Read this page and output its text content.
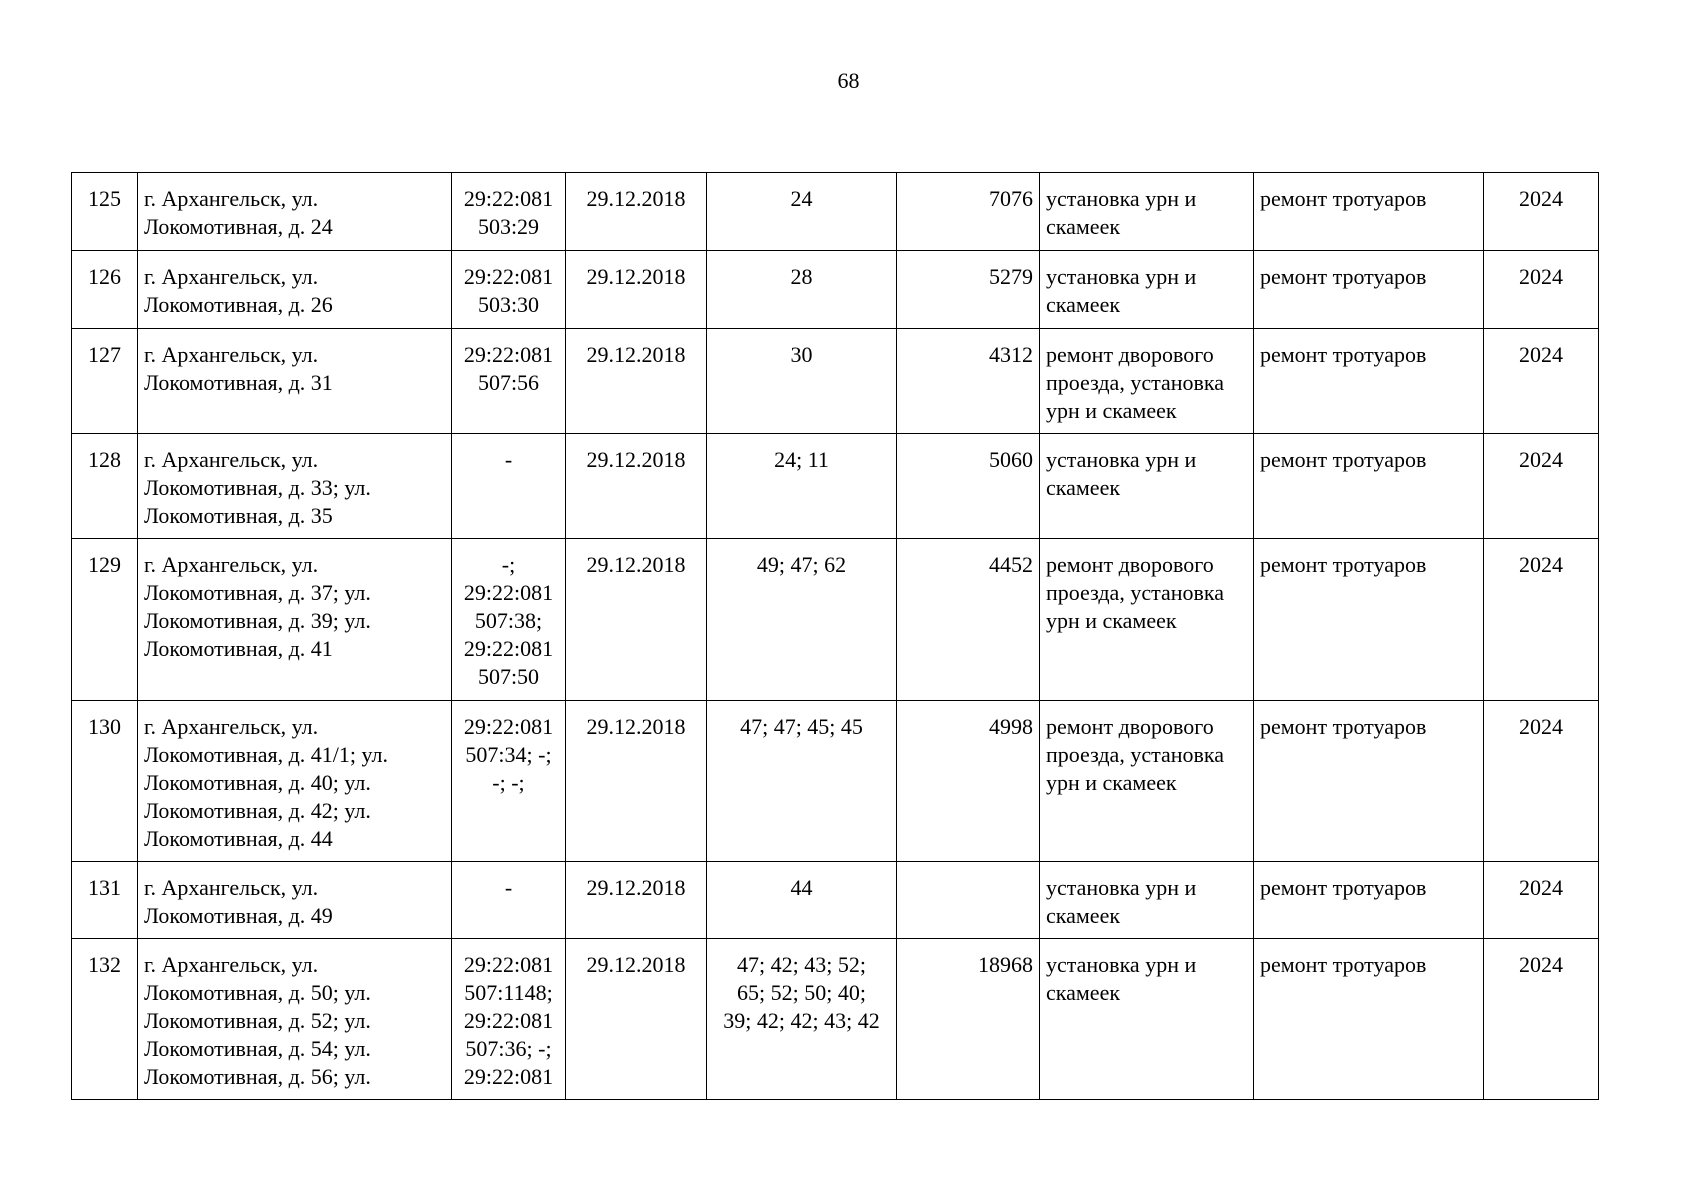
68
125	г. Архангельск, ул.
Локомотивная, д. 24	29:22:081
503:29	29.12.2018	24	7076	установка урн и
скамеек	ремонт тротуаров	2024
126	г. Архангельск, ул.
Локомотивная, д. 26	29:22:081
503:30	29.12.2018	28	5279	установка урн и
скамеек	ремонт тротуаров	2024
127	г. Архангельск, ул.
Локомотивная, д. 31	29:22:081
507:56	29.12.2018	30	4312	ремонт дворового
проезда, установка
урн и скамеек	ремонт тротуаров	2024
128	г. Архангельск, ул.
Локомотивная, д. 33; ул.
Локомотивная, д. 35	-	29.12.2018	24; 11	5060	установка урн и
скамеек	ремонт тротуаров	2024
129	г. Архангельск, ул.
Локомотивная, д. 37; ул.
Локомотивная, д. 39; ул.
Локомотивная, д. 41	-;
29:22:081
507:38;
29:22:081
507:50	29.12.2018	49; 47; 62	4452	ремонт дворового
проезда, установка
урн и скамеек	ремонт тротуаров	2024
130	г. Архангельск, ул.
Локомотивная, д. 41/1; ул.
Локомотивная, д. 40; ул.
Локомотивная, д. 42; ул.
Локомотивная, д. 44	29:22:081
507:34; -;
-; -;	29.12.2018	47; 47; 45; 45	4998	ремонт дворового
проезда, установка
урн и скамеек	ремонт тротуаров	2024
131	г. Архангельск, ул.
Локомотивная, д. 49	-	29.12.2018	44		установка урн и
скамеек	ремонт тротуаров	2024
132	г. Архангельск, ул.
Локомотивная, д. 50; ул.
Локомотивная, д. 52; ул.
Локомотивная, д. 54; ул.
Локомотивная, д. 56; ул.	29:22:081
507:1148;
29:22:081
507:36; -;
29:22:081	29.12.2018	47; 42; 43; 52;
65; 52; 50; 40;
39; 42; 42; 43; 42	18968	установка урн и
скамеек	ремонт тротуаров	2024
